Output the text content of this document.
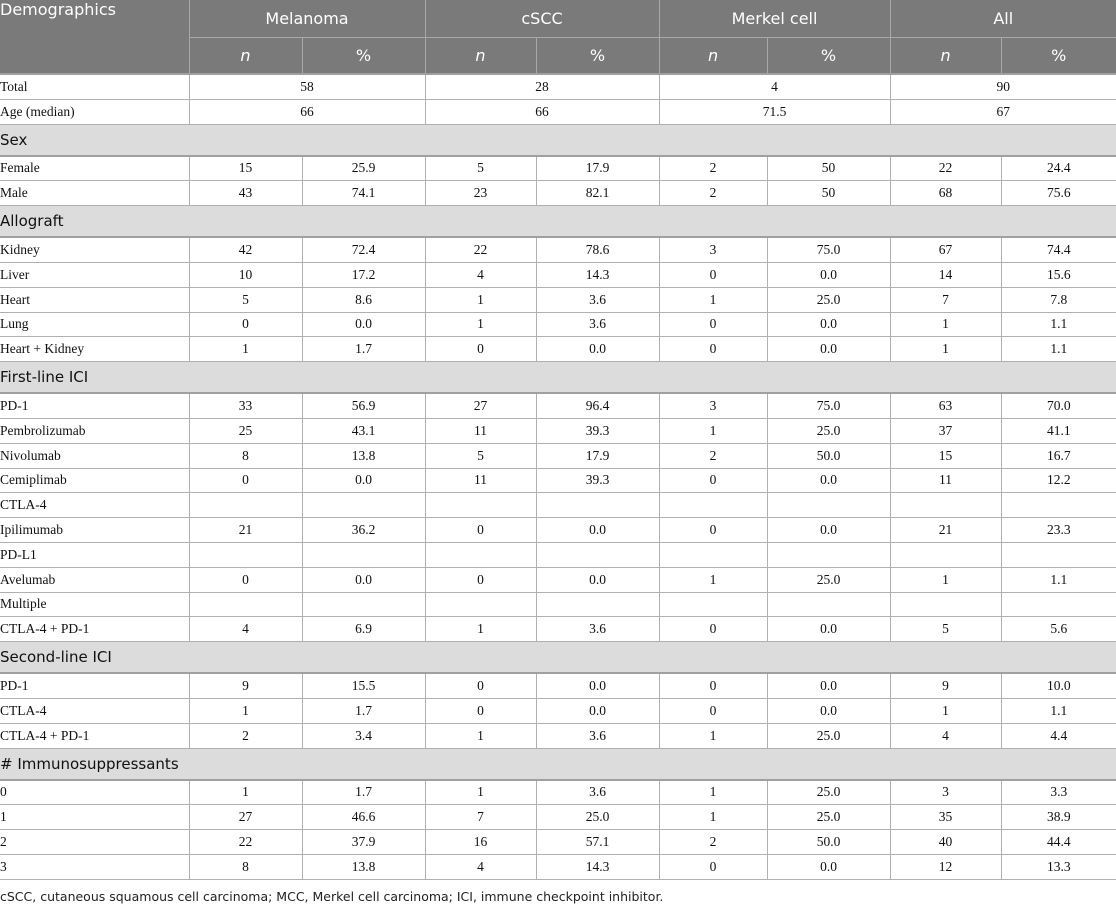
Demographics	Melanoma		cSCC		Merkel cell		All	
	n	%	n	%	n	%	n	%
Total	58		28		4		90	
Age (median)	66		66		71.5		67	
Sex								
Female	15	25.9	5	17.9	2	50	22	24.4
Male	43	74.1	23	82.1	2	50	68	75.6
Allograft								
Kidney	42	72.4	22	78.6	3	75.0	67	74.4
Liver	10	17.2	4	14.3	0	0.0	14	15.6
Heart	5	8.6	1	3.6	1	25.0	7	7.8
Lung	0	0.0	1	3.6	0	0.0	1	1.1
Heart + Kidney	1	1.7	0	0.0	0	0.0	1	1.1
First-line ICI								
PD-1	33	56.9	27	96.4	3	75.0	63	70.0
Pembrolizumab	25	43.1	11	39.3	1	25.0	37	41.1
Nivolumab	8	13.8	5	17.9	2	50.0	15	16.7
Cemiplimab	0	0.0	11	39.3	0	0.0	11	12.2
CTLA-4								
Ipilimumab	21	36.2	0	0.0	0	0.0	21	23.3
PD-L1								
Avelumab	0	0.0	0	0.0	1	25.0	1	1.1
Multiple								
CTLA-4 + PD-1	4	6.9	1	3.6	0	0.0	5	5.6
Second-line ICI								
PD-1	9	15.5	0	0.0	0	0.0	9	10.0
CTLA-4	1	1.7	0	0.0	0	0.0	1	1.1
CTLA-4 + PD-1	2	3.4	1	3.6	1	25.0	4	4.4
# Immunosuppressants								
0	1	1.7	1	3.6	1	25.0	3	3.3
1	27	46.6	7	25.0	1	25.0	35	38.9
2	22	37.9	16	57.1	2	50.0	40	44.4
3	8	13.8	4	14.3	0	0.0	12	13.3
cSCC, cutaneous squamous cell carcinoma; MCC, Merkel cell carcinoma; ICI, immune checkpoint inhibitor.
